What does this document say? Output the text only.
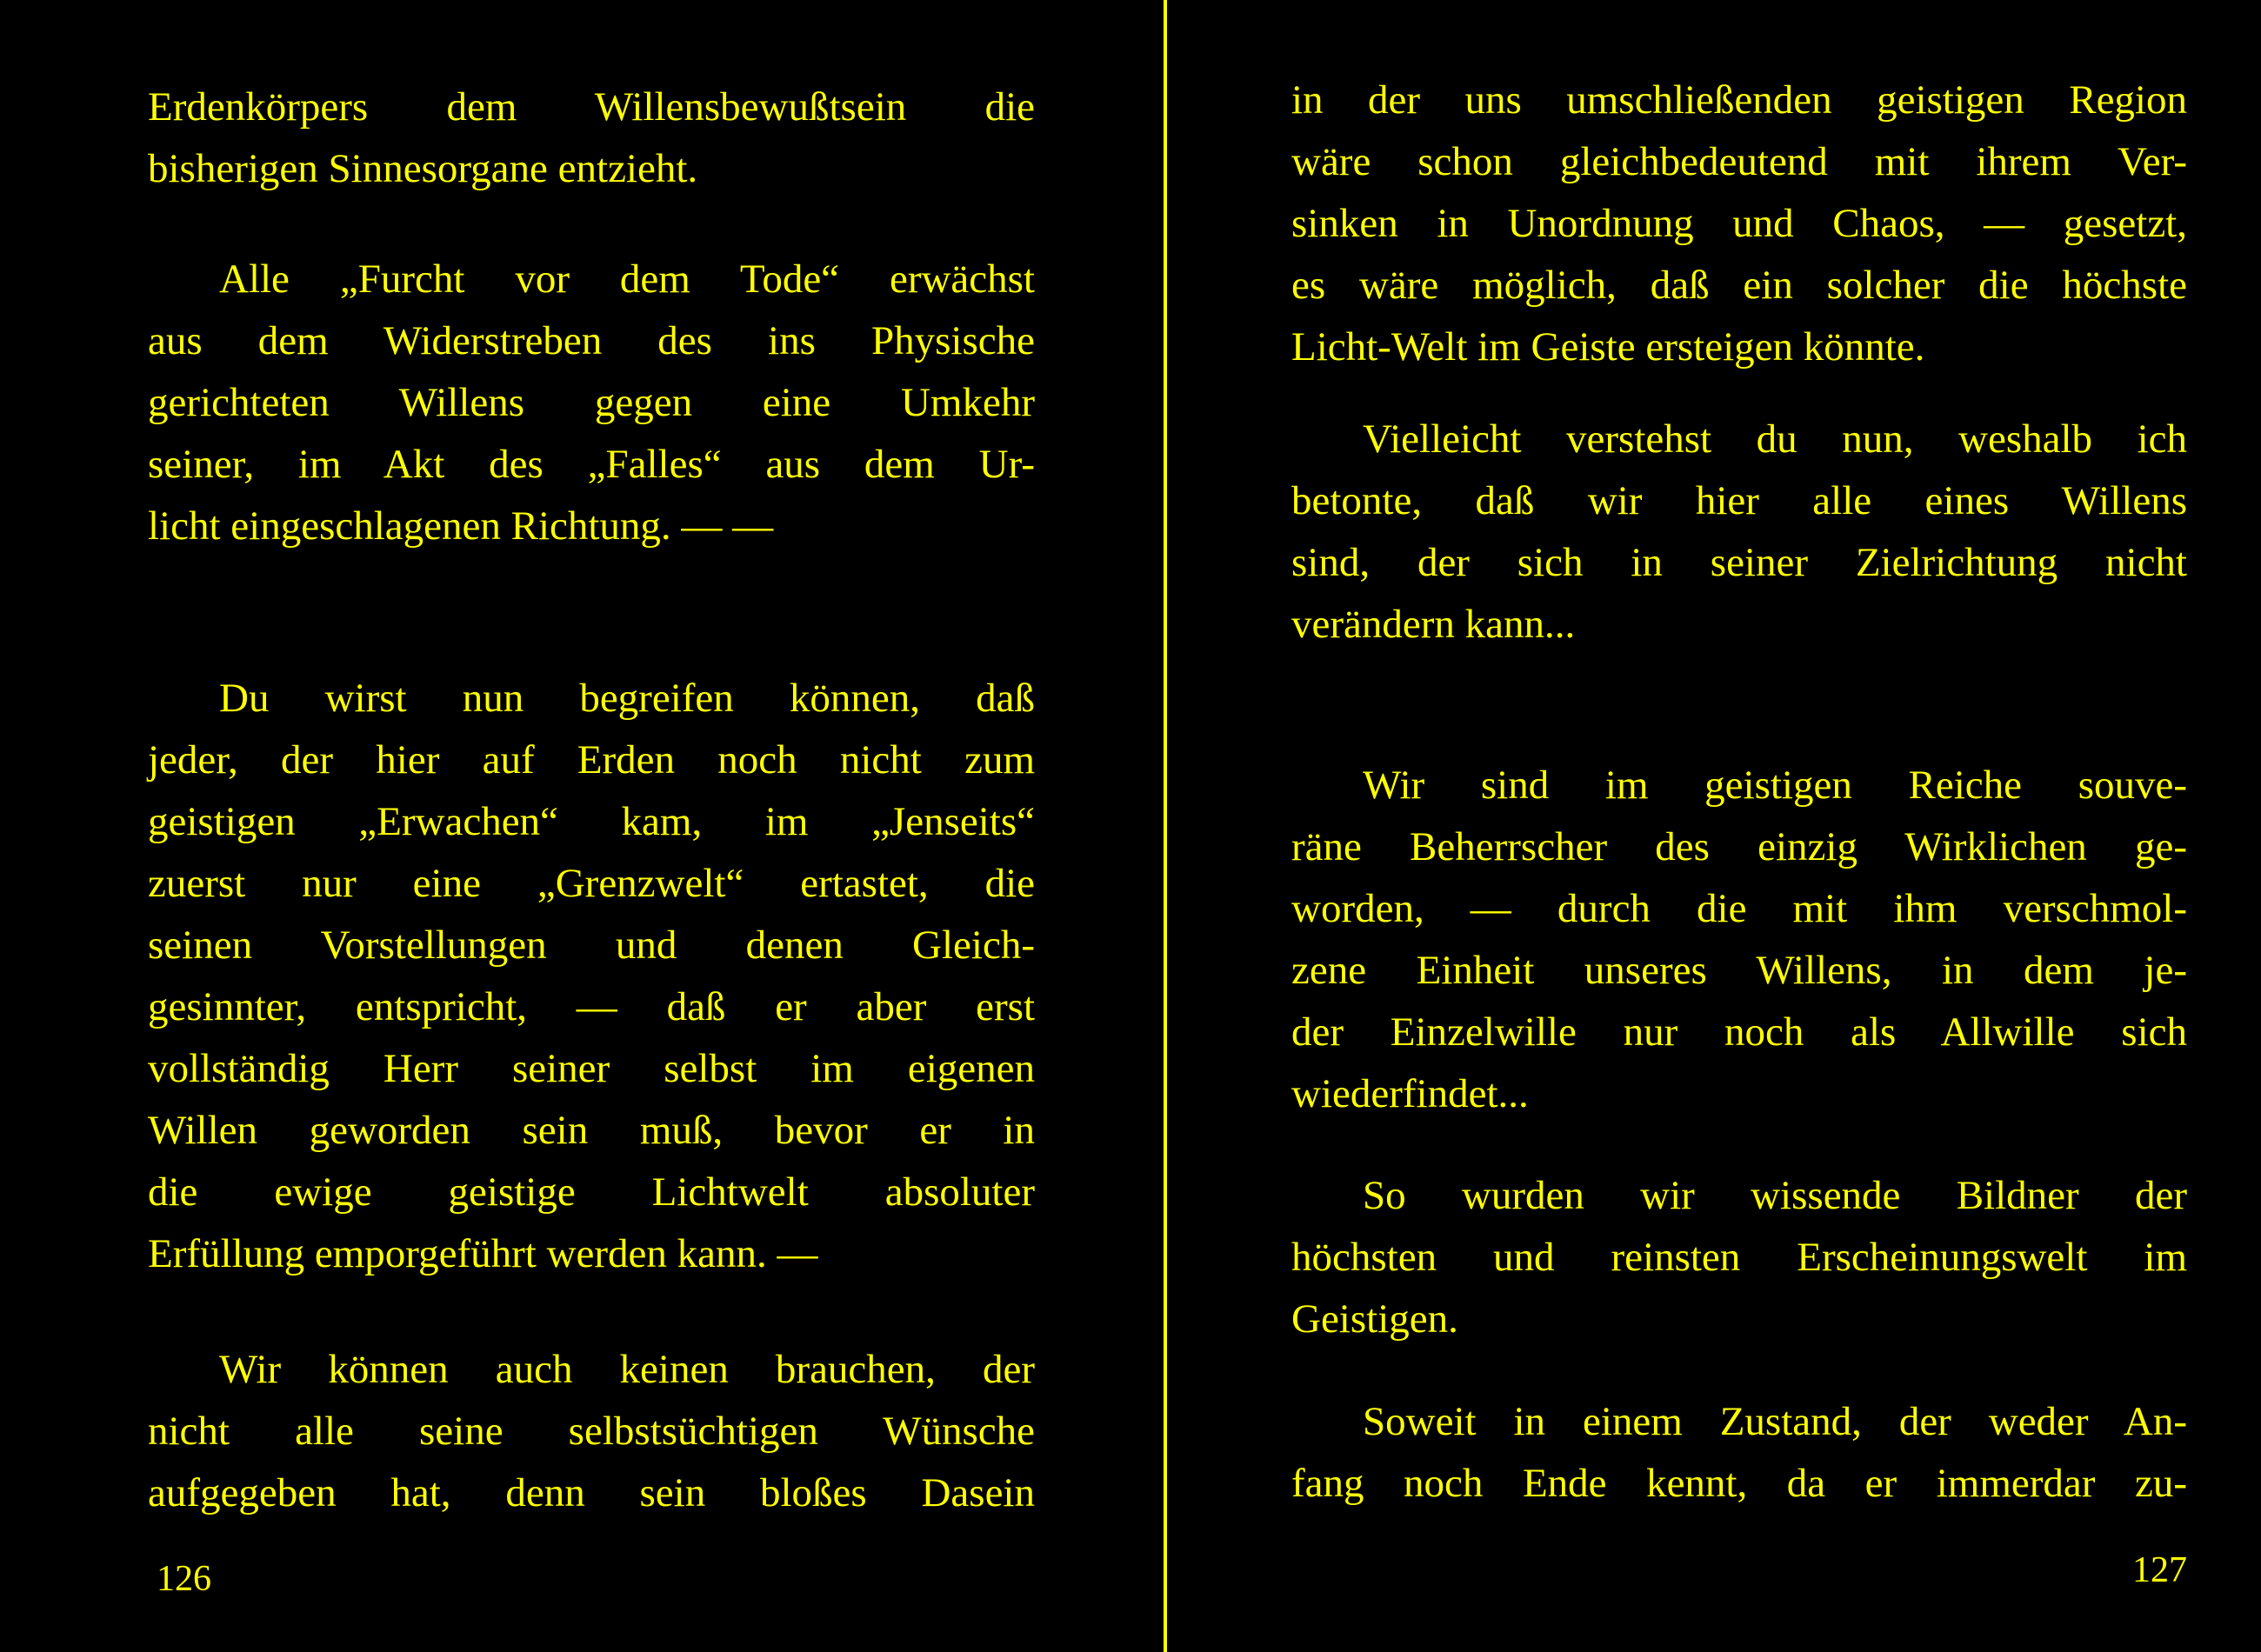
Erdenkörpers dem Willensbewußtsein die
bisherigen Sinnesorgane entzieht.

Alle „Furcht vor dem Tode“ erwächst
aus dem Widerstreben des ins Physische
gerichteten Willens gegen eine Umkehr
seiner, im Akt des „Falles“ aus dem Ur-
licht eingeschlagenen Richtung. — —

Du wirst nun begreifen können, daß
jeder, der hier auf Erden noch nicht zum
geistigen „Erwachen“ kam, im „Jenseits“
zuerst nur eine „Grenzwelt“ ertastet, die
seinen Vorstellungen und denen Gleich-
gesinnter, entspricht, — daß er aber erst
vollständig Herr seiner selbst im eigenen
Willen geworden sein muß, bevor er in
die ewige geistige Lichtwelt absoluter
Erfüllung emporgeführt werden kann. —

Wir können auch keinen brauchen, der
nicht alle seine selbstsüchtigen Wünsche
aufgegeben hat, denn sein bloßes Dasein

126

in der uns umschließenden geistigen Region
wäre schon gleichbedeutend mit ihrem Ver-
sinken in Unordnung und Chaos, — gesetzt,
es wäre möglich, daß ein solcher die höchste
Licht-Welt im Geiste ersteigen könnte.

Vielleicht verstehst du nun, weshalb ich
betonte, daß wir hier alle eines Willens
sind, der sich in seiner Zielrichtung nicht
verändern kann...

Wir sind im geistigen Reiche souve-
räne Beherrscher des einzig Wirklichen ge-
worden, — durch die mit ihm verschmol-
zene Einheit unseres Willens, in dem je-
der Einzelwille nur noch als Allwille sich
wiederfindet...

So wurden wir wissende Bildner der
höchsten und reinsten Erscheinungswelt im
Geistigen.

Soweit in einem Zustand, der weder An-
fang noch Ende kennt, da er immerdar zu-

127
